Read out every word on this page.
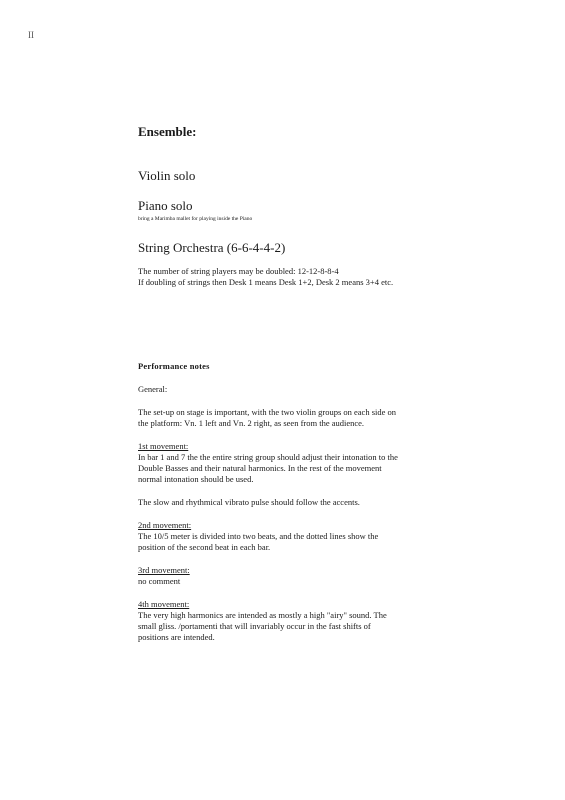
II
Ensemble:
Violin solo
Piano solo
bring a Marimba mallet for playing inside the Piano
String Orchestra (6-6-4-4-2)
The number of string players may be doubled: 12-12-8-8-4
If doubling of strings then Desk 1 means Desk 1+2, Desk 2 means 3+4 etc.
Performance notes

General:

The set-up on stage is important, with the two violin groups on each side on

the platform: Vn. 1 left and Vn. 2 right, as seen from the audience.

1st movement:

In bar 1 and 7 the the entire string group should adjust their intonation to the

Double Basses and their natural harmonics. In the rest of the movement

normal intonation should be used.

The slow and rhythmical vibrato pulse should follow the accents.

2nd movement:

The 10/5 meter is divided into two beats, and the dotted lines show the

position of the second beat in each bar.

3rd movement:

no comment

4th movement:

The very high harmonics are intended as mostly a high "airy" sound. The

small gliss. /portamenti that will invariably occur in the fast shifts of

positions are intended.
